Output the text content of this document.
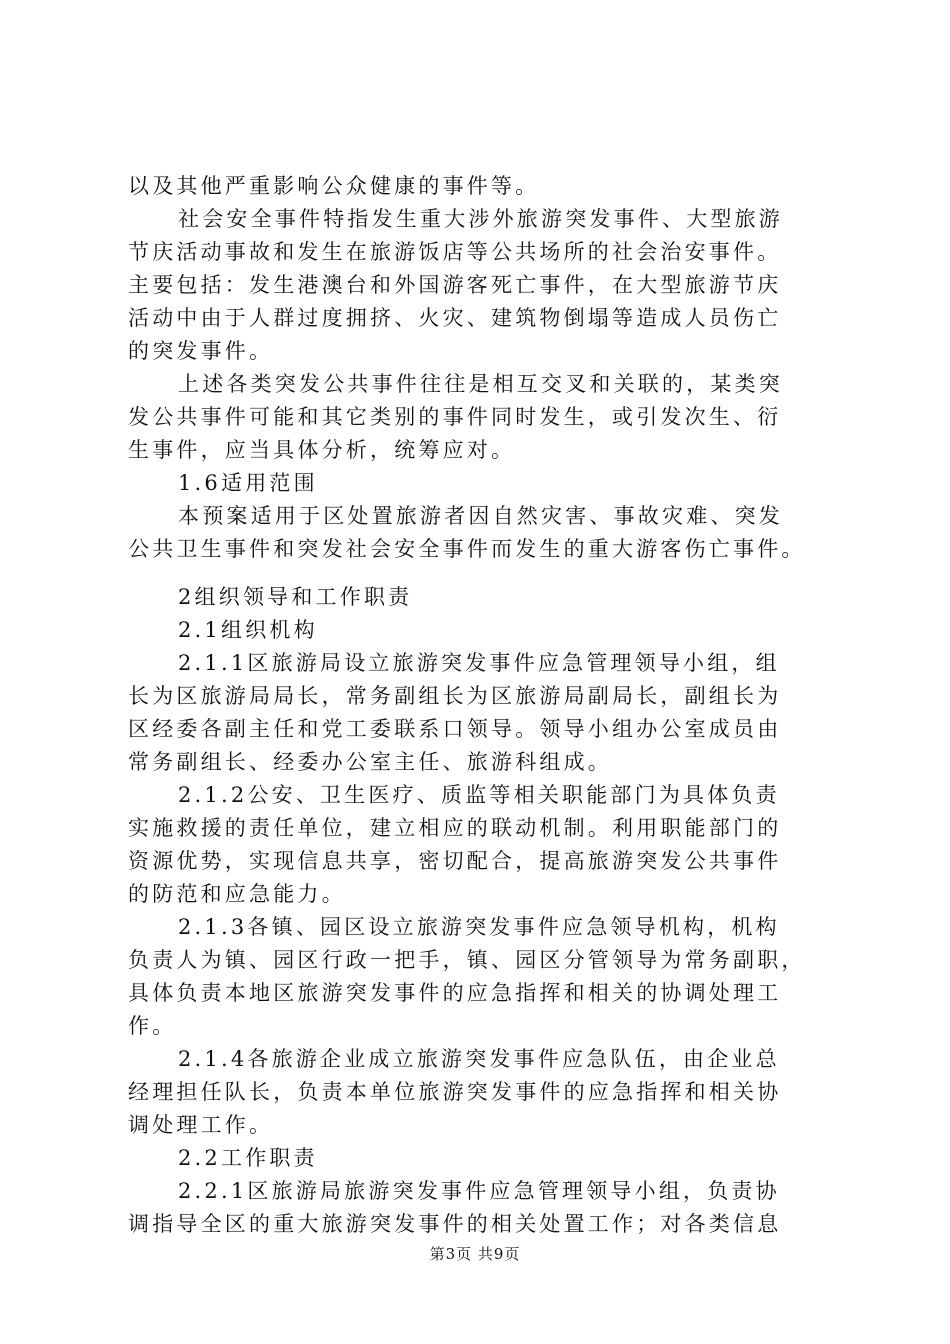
以及其他严重影响公众健康的事件等。
社会安全事件特指发生重大涉外旅游突发事件、大型旅游
节庆活动事故和发生在旅游饭店等公共场所的社会治安事件。
主要包括：发生港澳台和外国游客死亡事件，在大型旅游节庆
活动中由于人群过度拥挤、火灾、建筑物倒塌等造成人员伤亡
的突发事件。
上述各类突发公共事件往往是相互交叉和关联的，某类突
发公共事件可能和其它类别的事件同时发生，或引发次生、衍
生事件，应当具体分析，统筹应对。
1.6适用范围
本预案适用于区处置旅游者因自然灾害、事故灾难、突发
公共卫生事件和突发社会安全事件而发生的重大游客伤亡事件。
2组织领导和工作职责
2.1组织机构
2.1.1区旅游局设立旅游突发事件应急管理领导小组，组
长为区旅游局局长，常务副组长为区旅游局副局长，副组长为
区经委各副主任和党工委联系口领导。领导小组办公室成员由
常务副组长、经委办公室主任、旅游科组成。
2.1.2公安、卫生医疗、质监等相关职能部门为具体负责
实施救援的责任单位，建立相应的联动机制。利用职能部门的
资源优势，实现信息共享，密切配合，提高旅游突发公共事件
的防范和应急能力。
2.1.3各镇、园区设立旅游突发事件应急领导机构，机构
负责人为镇、园区行政一把手，镇、园区分管领导为常务副职，
具体负责本地区旅游突发事件的应急指挥和相关的协调处理工
作。
2.1.4各旅游企业成立旅游突发事件应急队伍，由企业总
经理担任队长，负责本单位旅游突发事件的应急指挥和相关协
调处理工作。
2.2工作职责
2.2.1区旅游局旅游突发事件应急管理领导小组，负责协
调指导全区的重大旅游突发事件的相关处置工作；对各类信息
第3页 共9页
